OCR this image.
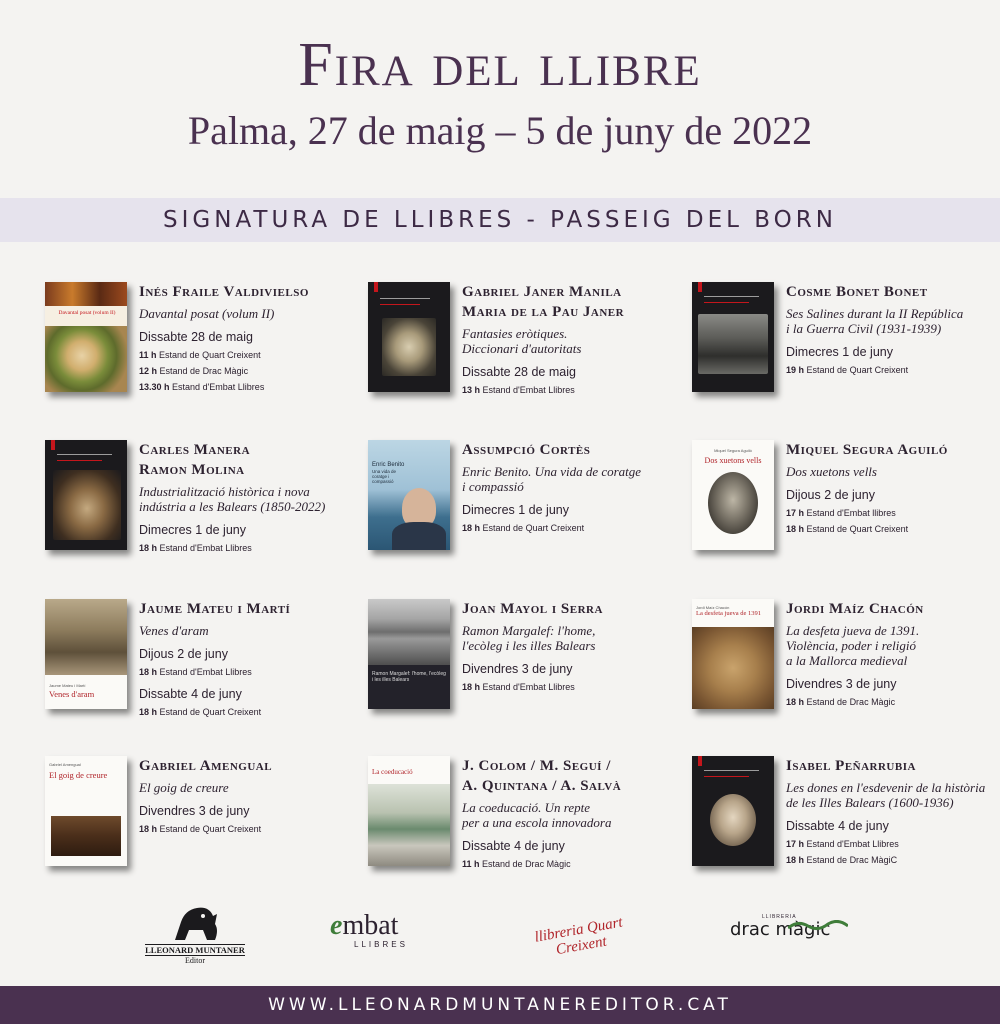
Fira del llibre
Palma, 27 de maig – 5 de juny de 2022
SIGNATURA DE LLIBRES - PASSEIG DEL BORN
Davantal posat (volum II)
Inés Fraile Valdivielso
Davantal posat (volum II)
Dissabte 28 de maig
11 h Estand de Quart Creixent
12 h Estand de Drac Màgic
13.30 h Estand d'Embat Llibres
Gabriel Janer Manila
Maria de la Pau Janer
Fantasies eròtiques.
Diccionari d'autoritats
Dissabte 28 de maig
13 h Estand d'Embat Llibres
Cosme Bonet Bonet
Ses Salines durant la II República
i la Guerra Civil (1931-1939)
Dimecres 1 de juny
19 h Estand de Quart Creixent
Carles Manera
Ramon Molina
Industrialització històrica i nova
indústria a les Balears (1850-2022)
Dimecres 1 de juny
18 h Estand d'Embat Llibres
Enric Benito
Una vida de coratge i compassió
Assumpció Cortès
Enric Benito. Una vida de coratge
i compassió
Dimecres 1 de juny
18 h Estand de Quart Creixent
Miquel Segura Aguiló
Dos xuetons vells
Miquel Segura Aguiló
Dos xuetons vells
Dijous 2 de juny
17 h Estand d'Embat llibres
18 h Estand de Quart Creixent
Jaume Mateu i Martí
Venes d'aram
Jaume Mateu i Martí
Venes d'aram
Dijous 2 de juny
18 h Estand d'Embat Llibres
Dissabte 4 de juny
18 h Estand de Quart Creixent
Ramon Margalef: l'home, l'ecòleg i les illes Balears
Joan Mayol i Serra
Ramon Margalef: l'home,
l'ecòleg i les illes Balears
Divendres 3 de juny
18 h Estand d'Embat Llibres
Jordi Maíz Chacón
La desfeta jueva de 1391 Jordi Maíz Chacón
La desfeta jueva de 1391.
Violència, poder i religió
a la Mallorca medieval
Divendres 3 de juny
18 h Estand de Drac Màgic
Gabriel Amengual
El goig de creure
Gabriel Amengual
El goig de creure
Divendres 3 de juny
18 h Estand de Quart Creixent
La coeducació	J. Colom / M. Seguí /
A. Quintana / A. Salvà
La coeducació. Un repte
per a una escola innovadora
Dissabte 4 de juny
11 h Estand de Drac Màgic
Isabel Peñarrubia
Les dones en l'esdevenir de la història
de les Illes Balears (1600-1936)
Dissabte 4 de juny
17 h Estand d'Embat Llibres
18 h Estand de Drac MàgiC
LLEONARD MUNTANER
Editor
embat
LLIBRES	llibreria Quart Creixent
LLIBRERIA
drac màgic
WWW.LLEONARDMUNTANEREDITOR.CAT
